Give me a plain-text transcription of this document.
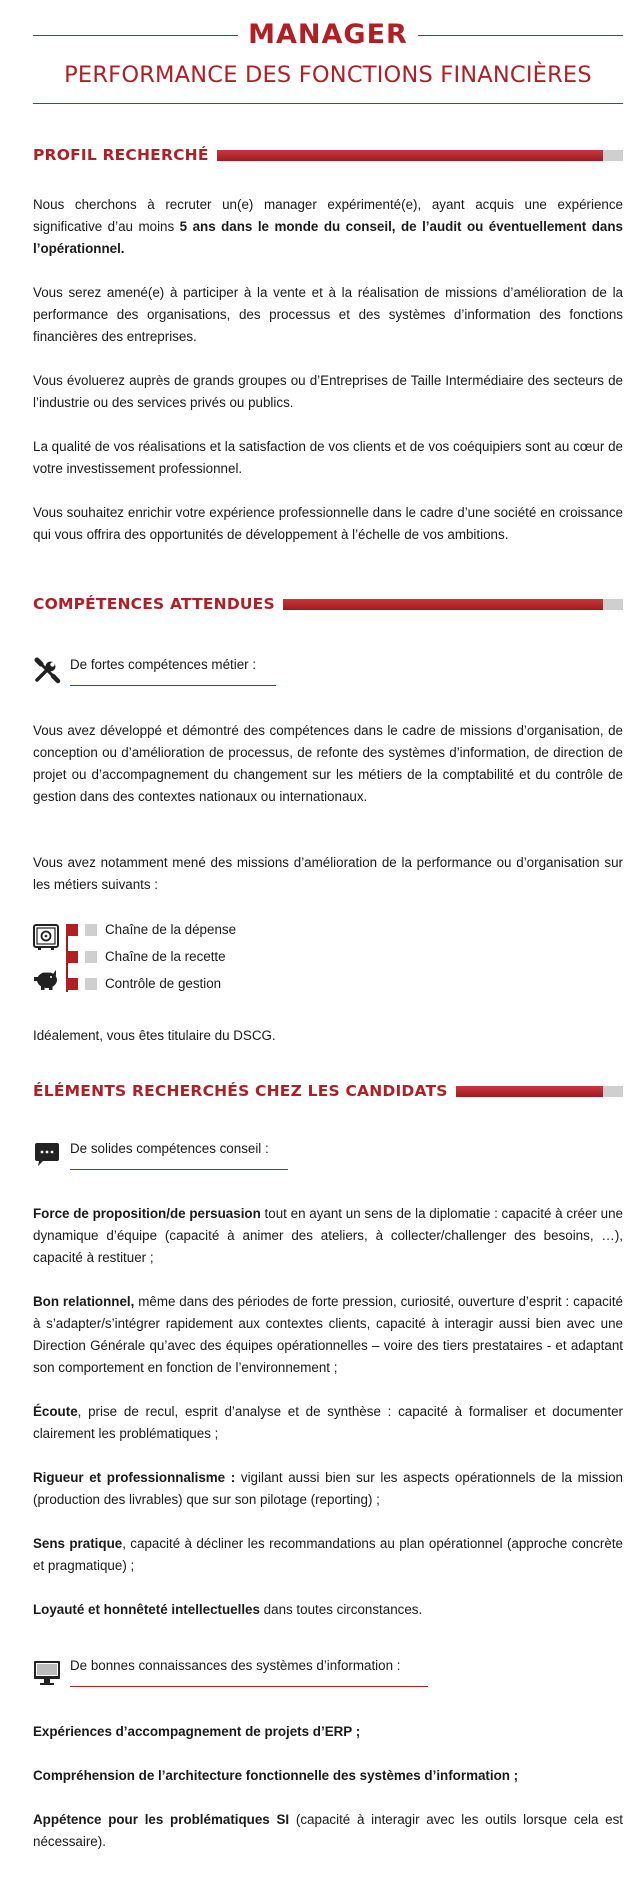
MANAGER
PERFORMANCE DES FONCTIONS FINANCIÈRES
PROFIL RECHERCHÉ

Nous cherchons à recruter un(e) manager expérimenté(e), ayant acquis une expérience significative d’au moins 5 ans dans le monde du conseil, de l’audit ou éventuellement dans l’opérationnel.

Vous serez amené(e) à participer à la vente et à la réalisation de missions d’amélioration de la performance des organisations, des processus et des systèmes d’information des fonctions financières des entreprises.

Vous évoluerez auprès de grands groupes ou d’Entreprises de Taille Intermédiaire des secteurs de l’industrie ou des services privés ou publics.

La qualité de vos réalisations et la satisfaction de vos clients et de vos coéquipiers sont au cœur de votre investissement professionnel.

Vous souhaitez enrichir votre expérience professionnelle dans le cadre d’une société en croissance qui vous offrira des opportunités de développement à l’échelle de vos ambitions.

COMPÉTENCES ATTENDUES
De fortes compétences métier :

Vous avez développé et démontré des compétences dans le cadre de missions d’organisation, de conception ou d’amélioration de processus, de refonte des systèmes d’information, de direction de projet ou d’accompagnement du changement sur les métiers de la comptabilité et du contrôle de gestion dans des contextes nationaux ou internationaux.

Vous avez notamment mené des missions d’amélioration de la performance ou d’organisation sur les métiers suivants :

Chaîne de la dépense
Chaîne de la recette
Contrôle de gestion

Idéalement, vous êtes titulaire du DSCG.

ÉLÉMENTS RECHERCHÉS CHEZ LES CANDIDATS
De solides compétences conseil :

Force de proposition/de persuasion tout en ayant un sens de la diplomatie : capacité à créer une dynamique d’équipe (capacité à animer des ateliers, à collecter/challenger des besoins, …), capacité à restituer ;

Bon relationnel, même dans des périodes de forte pression, curiosité, ouverture d’esprit : capacité à s’adapter/s’intégrer rapidement aux contextes clients, capacité à interagir aussi bien avec une Direction Générale qu’avec des équipes opérationnelles – voire des tiers prestataires - et adaptant son comportement en fonction de l’environnement ;

Écoute, prise de recul, esprit d’analyse et de synthèse : capacité à formaliser et documenter clairement les problématiques ;

Rigueur et professionnalisme : vigilant aussi bien sur les aspects opérationnels de la mission (production des livrables) que sur son pilotage (reporting) ;

Sens pratique, capacité à décliner les recommandations au plan opérationnel (approche concrète et pragmatique) ;

Loyauté et honnêteté intellectuelles dans toutes circonstances.

De bonnes connaissances des systèmes d’information :

Expériences d’accompagnement de projets d’ERP ;

Compréhension de l’architecture fonctionnelle des systèmes d’information ;

Appétence pour les problématiques SI (capacité à interagir avec les outils lorsque cela est nécessaire).
